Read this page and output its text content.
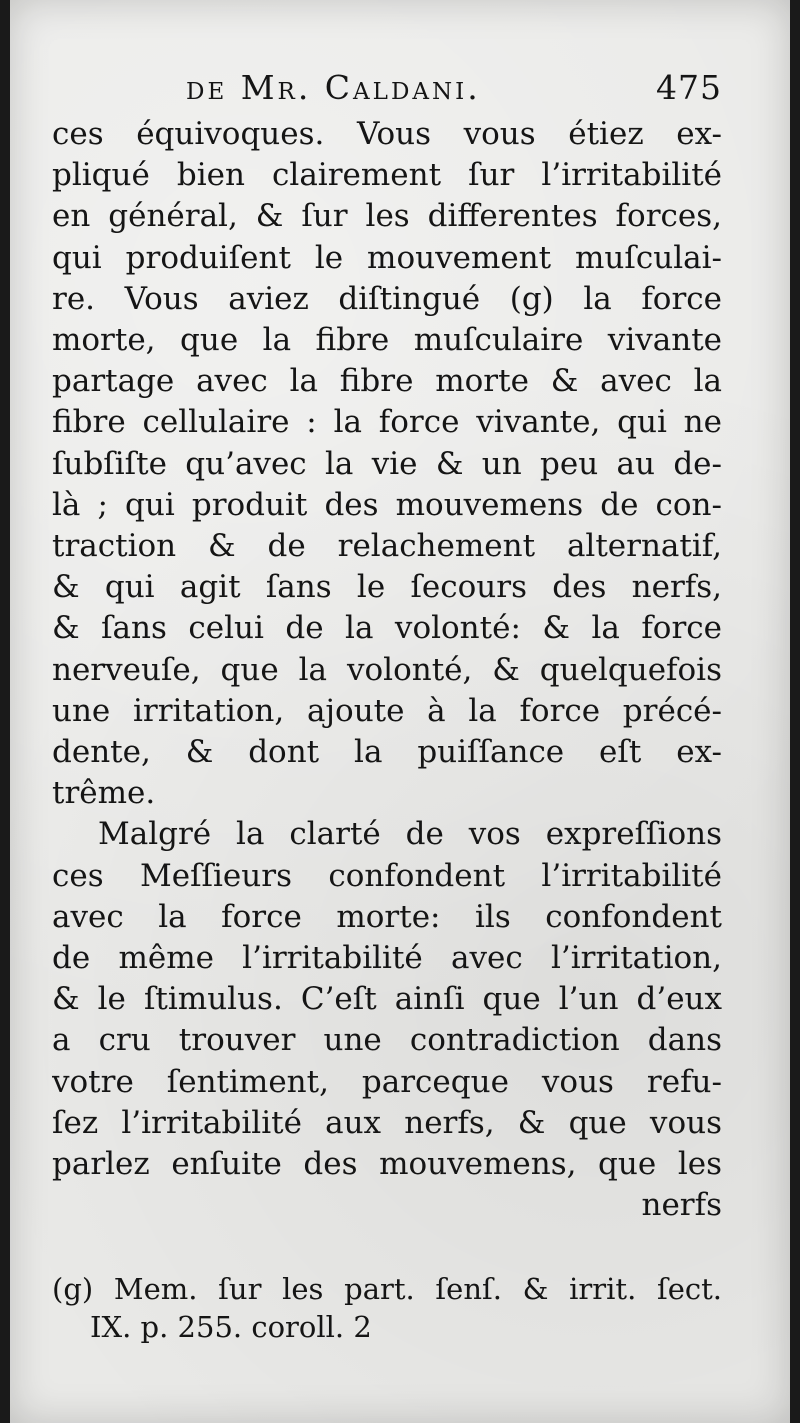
de Mr. Caldani.	475
ces équivoques. Vous vous étiez ex-
pliqué bien clairement ſur l’irritabilité
en général, & ſur les differentes forces,
qui produiſent le mouvement muſculai-
re. Vous aviez diſtingué (g) la force
morte, que la fibre muſculaire vivante
partage avec la fibre morte & avec la
fibre cellulaire : la force vivante, qui ne
ſubſiſte qu’avec la vie & un peu au de-
là ; qui produit des mouvemens de con-
traction & de relachement alternatif,
& qui agit ſans le ſecours des nerfs,
& ſans celui de la volonté: & la force
nerveuſe, que la volonté, & quelquefois
une irritation, ajoute à la force précé-
dente, & dont la puiſſance eſt ex-
trême.
Malgré la clarté de vos expreſſions
ces Meſſieurs confondent l’irritabilité
avec la force morte: ils confondent
de même l’irritabilité avec l’irritation,
& le ſtimulus. C’eſt ainſi que l’un d’eux
a cru trouver une contradiction dans
votre ſentiment, parceque vous refu-
ſez l’irritabilité aux nerfs, & que vous
parlez enſuite des mouvemens, que les
nerfs
(g) Mem. ſur les part. ſenſ. & irrit. ſect.
IX. p. 255. coroll. 2
